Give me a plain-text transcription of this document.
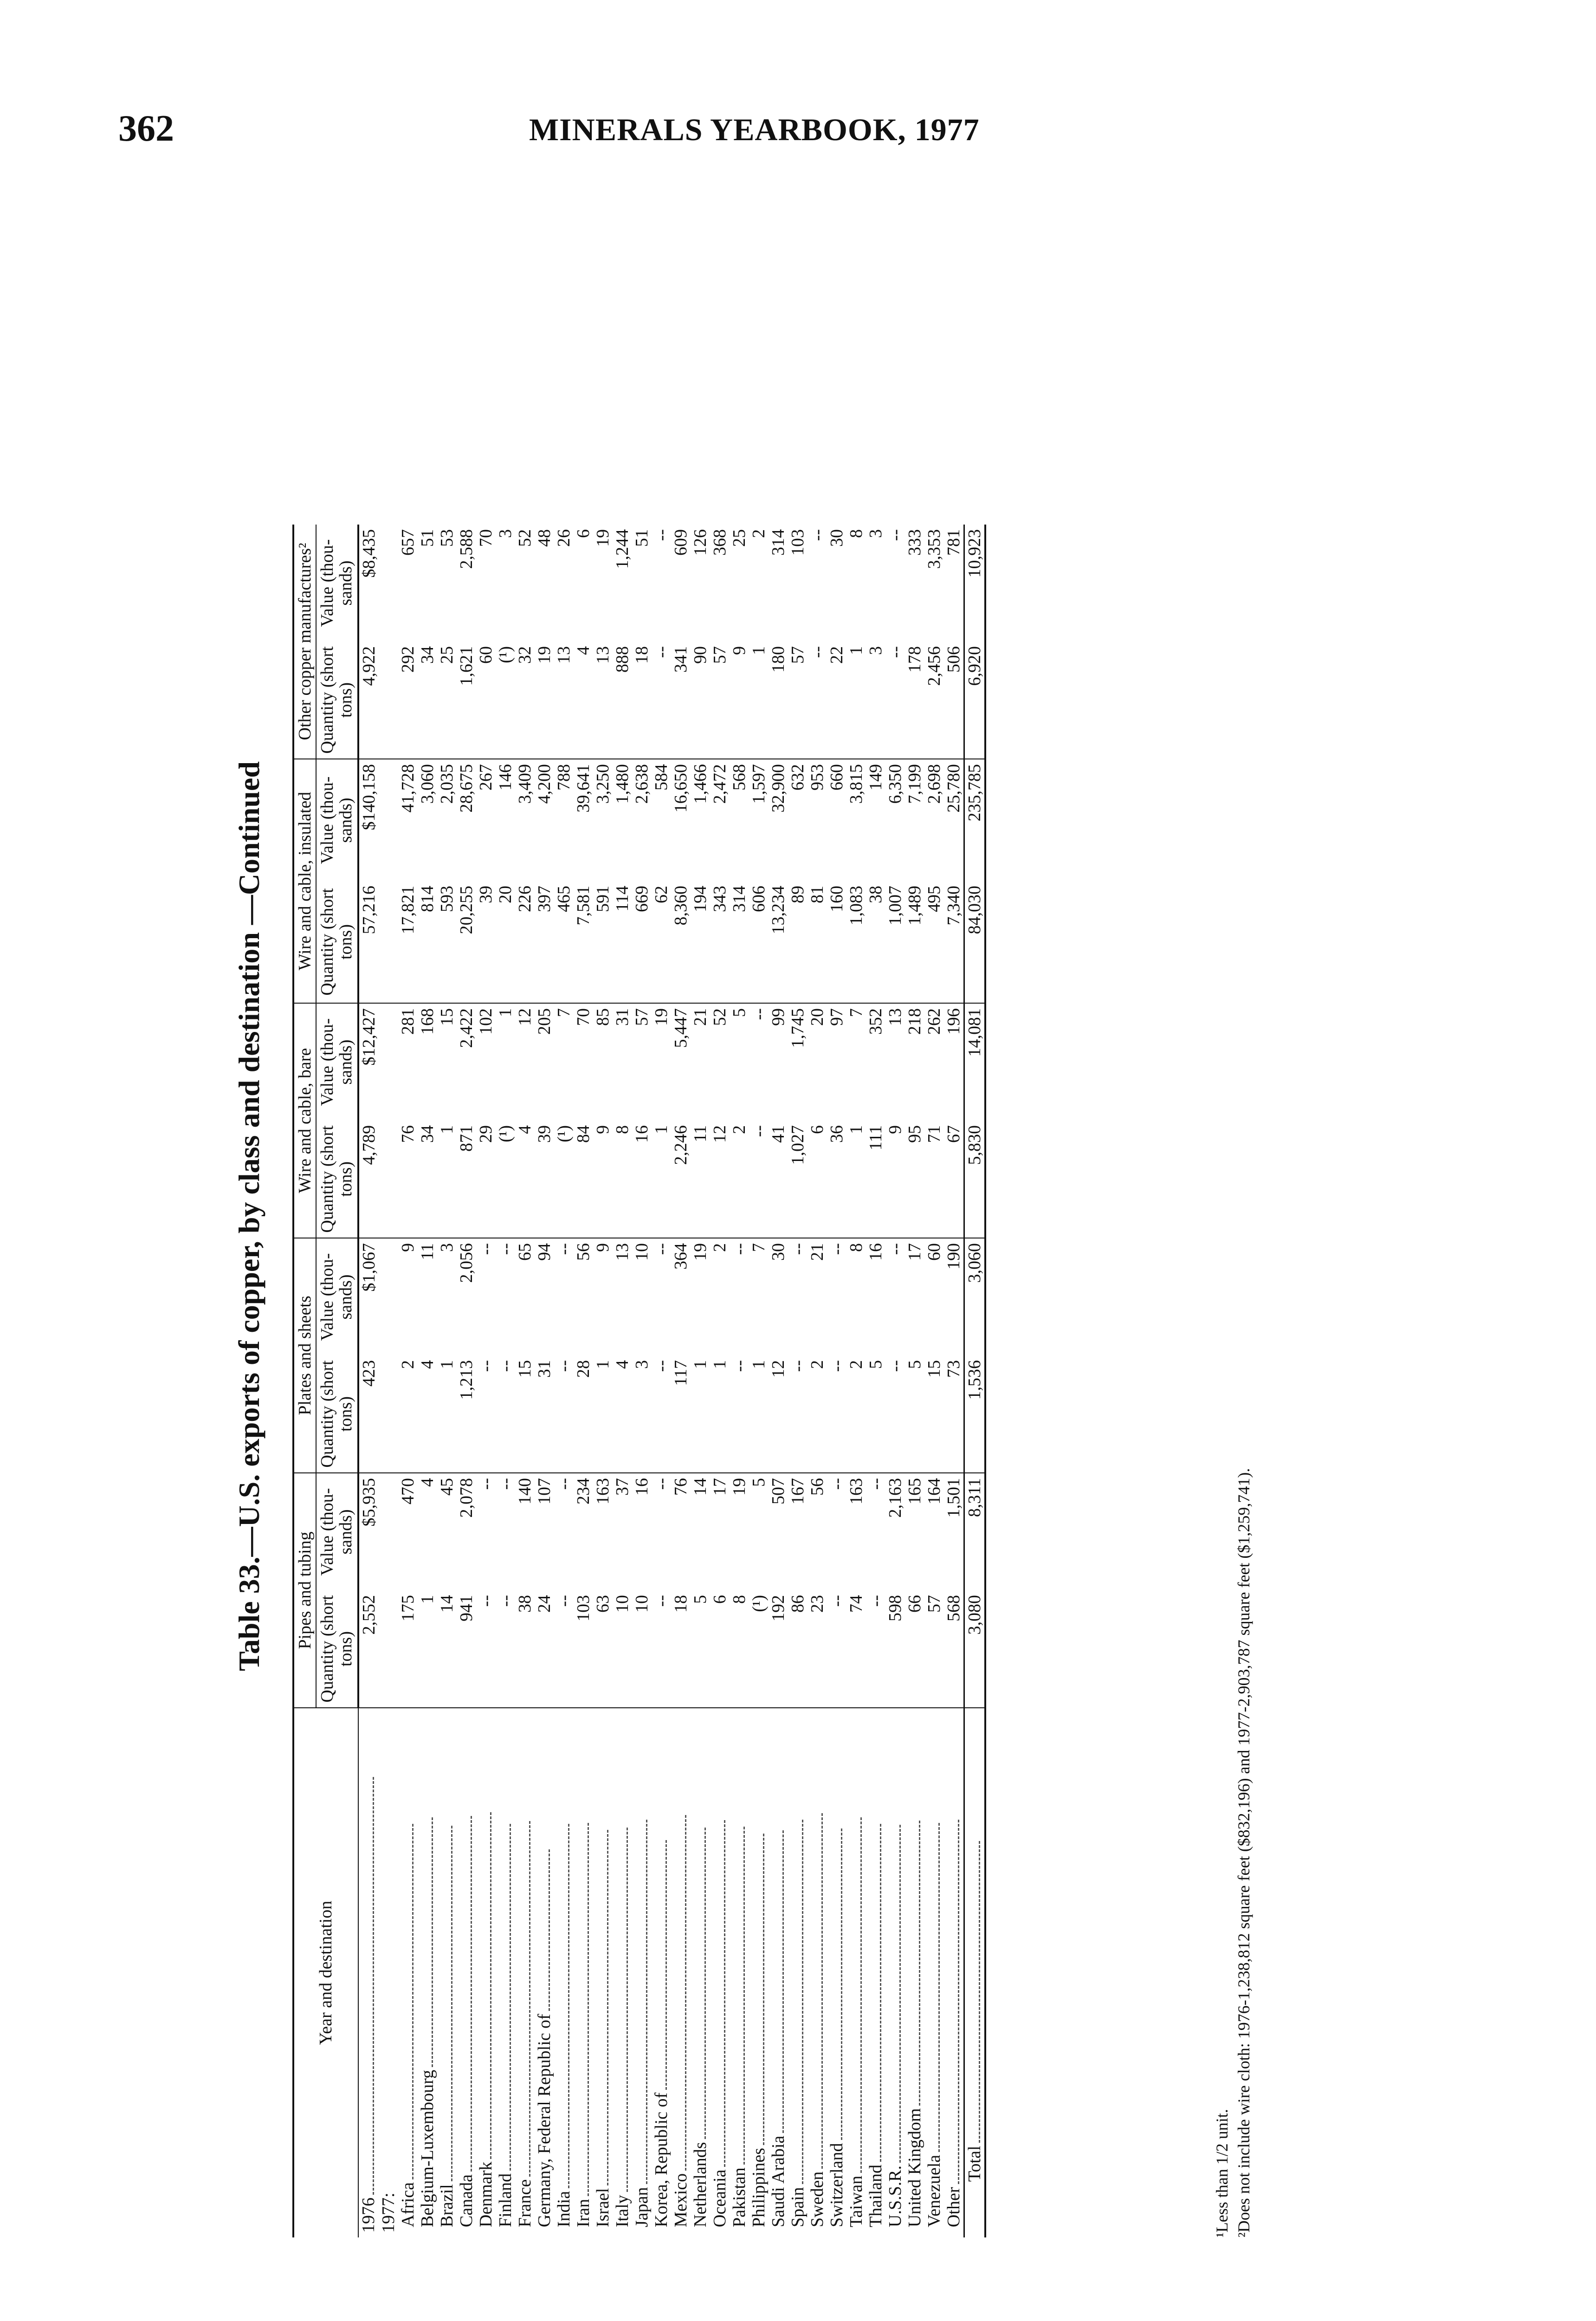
362	MINERALS YEARBOOK, 1977
Table 33.—U.S. exports of copper, by class and destination —Continued
Year and destination	Pipes and tubing		Plates and sheets		Wire and cable, bare		Wire and cable, insulated		Other copper manufactures²	
	Quantity (short tons)	Value (thou- sands)	Quantity (short tons)	Value (thou- sands)	Quantity (short tons)	Value (thou- sands)	Quantity (short tons)	Value (thou- sands)	Quantity (short tons)	Value (thou- sands)
1976	2,552	$5,935	423	$1,067	4,789	$12,427	57,216	$140,158	4,922	$8,435
1977:										
Africa	175	470	2	9	76	281	17,821	41,728	292	657
Belgium-Luxembourg	1	4	4	11	34	168	814	3,060	34	51
Brazil	14	45	1	3	1	15	593	2,035	25	53
Canada	941	2,078	1,213	2,056	871	2,422	20,255	28,675	1,621	2,588
Denmark	--	--	--	--	29	102	39	267	60	70
Finland	--	--	--	--	(¹)	1	20	146	(¹)	3
France	38	140	15	65	4	12	226	3,409	32	52
Germany, Federal Republic of	24	107	31	94	39	205	397	4,200	19	48
India	--	--	--	--	(¹)	7	465	788	13	26
Iran	103	234	28	56	84	70	7,581	39,641	4	6
Israel	63	163	1	9	9	85	591	3,250	13	19
Italy	10	37	4	13	8	31	114	1,480	888	1,244
Japan	10	16	3	10	16	57	669	2,638	18	51
Korea, Republic of	--	--	--	--	1	19	62	584	--	--
Mexico	18	76	117	364	2,246	5,447	8,360	16,650	341	609
Netherlands	5	14	1	19	11	21	194	1,466	90	126
Oceania	6	17	1	2	12	52	343	2,472	57	368
Pakistan	8	19	--	--	2	5	314	568	9	25
Philippines	(¹)	5	1	7	--	--	606	1,597	1	2
Saudi Arabia	192	507	12	30	41	99	13,234	32,900	180	314
Spain	86	167	--	--	1,027	1,745	89	632	57	103
Sweden	23	56	2	21	6	20	81	953	--	--
Switzerland	--	--	--	--	36	97	160	660	22	30
Taiwan	74	163	2	8	1	7	1,083	3,815	1	8
Thailand	--	--	5	16	111	352	38	149	3	3
U.S.S.R.	598	2,163	--	--	9	13	1,007	6,350	--	--
United Kingdom	66	165	5	17	95	218	1,489	7,199	178	333
Venezuela	57	164	15	60	71	262	495	2,698	2,456	3,353
Other	568	1,501	73	190	67	196	7,340	25,780	506	781
Total	3,080	8,311	1,536	3,060	5,830	14,081	84,030	235,785	6,920	10,923
¹Less than 1/2 unit. ²Does not include wire cloth: 1976-1,238,812 square feet ($832,196) and 1977-2,903,787 square feet ($1,259,741).
